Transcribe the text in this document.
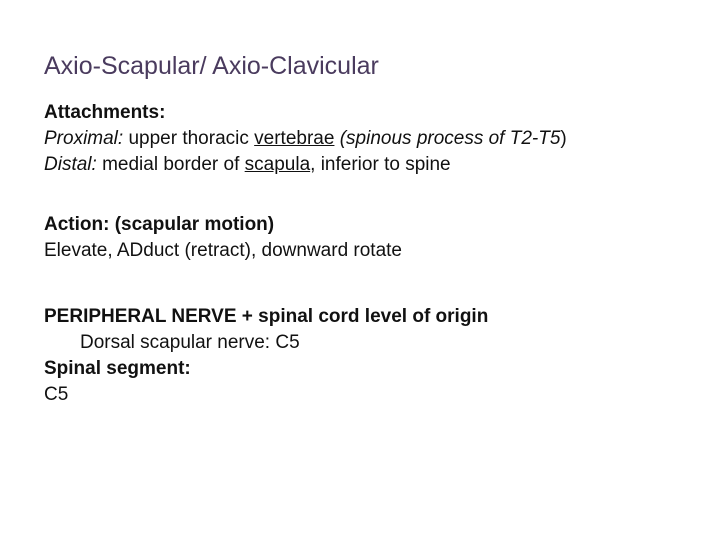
Axio-Scapular/ Axio-Clavicular

Attachments:

Proximal: upper thoracic vertebrae (spinous process of T2-T5)

Distal: medial border of scapula, inferior to spine

Action: (scapular motion)

Elevate, ADduct (retract), downward rotate

PERIPHERAL NERVE + spinal cord level of origin

Dorsal scapular nerve: C5

Spinal segment:

C5
